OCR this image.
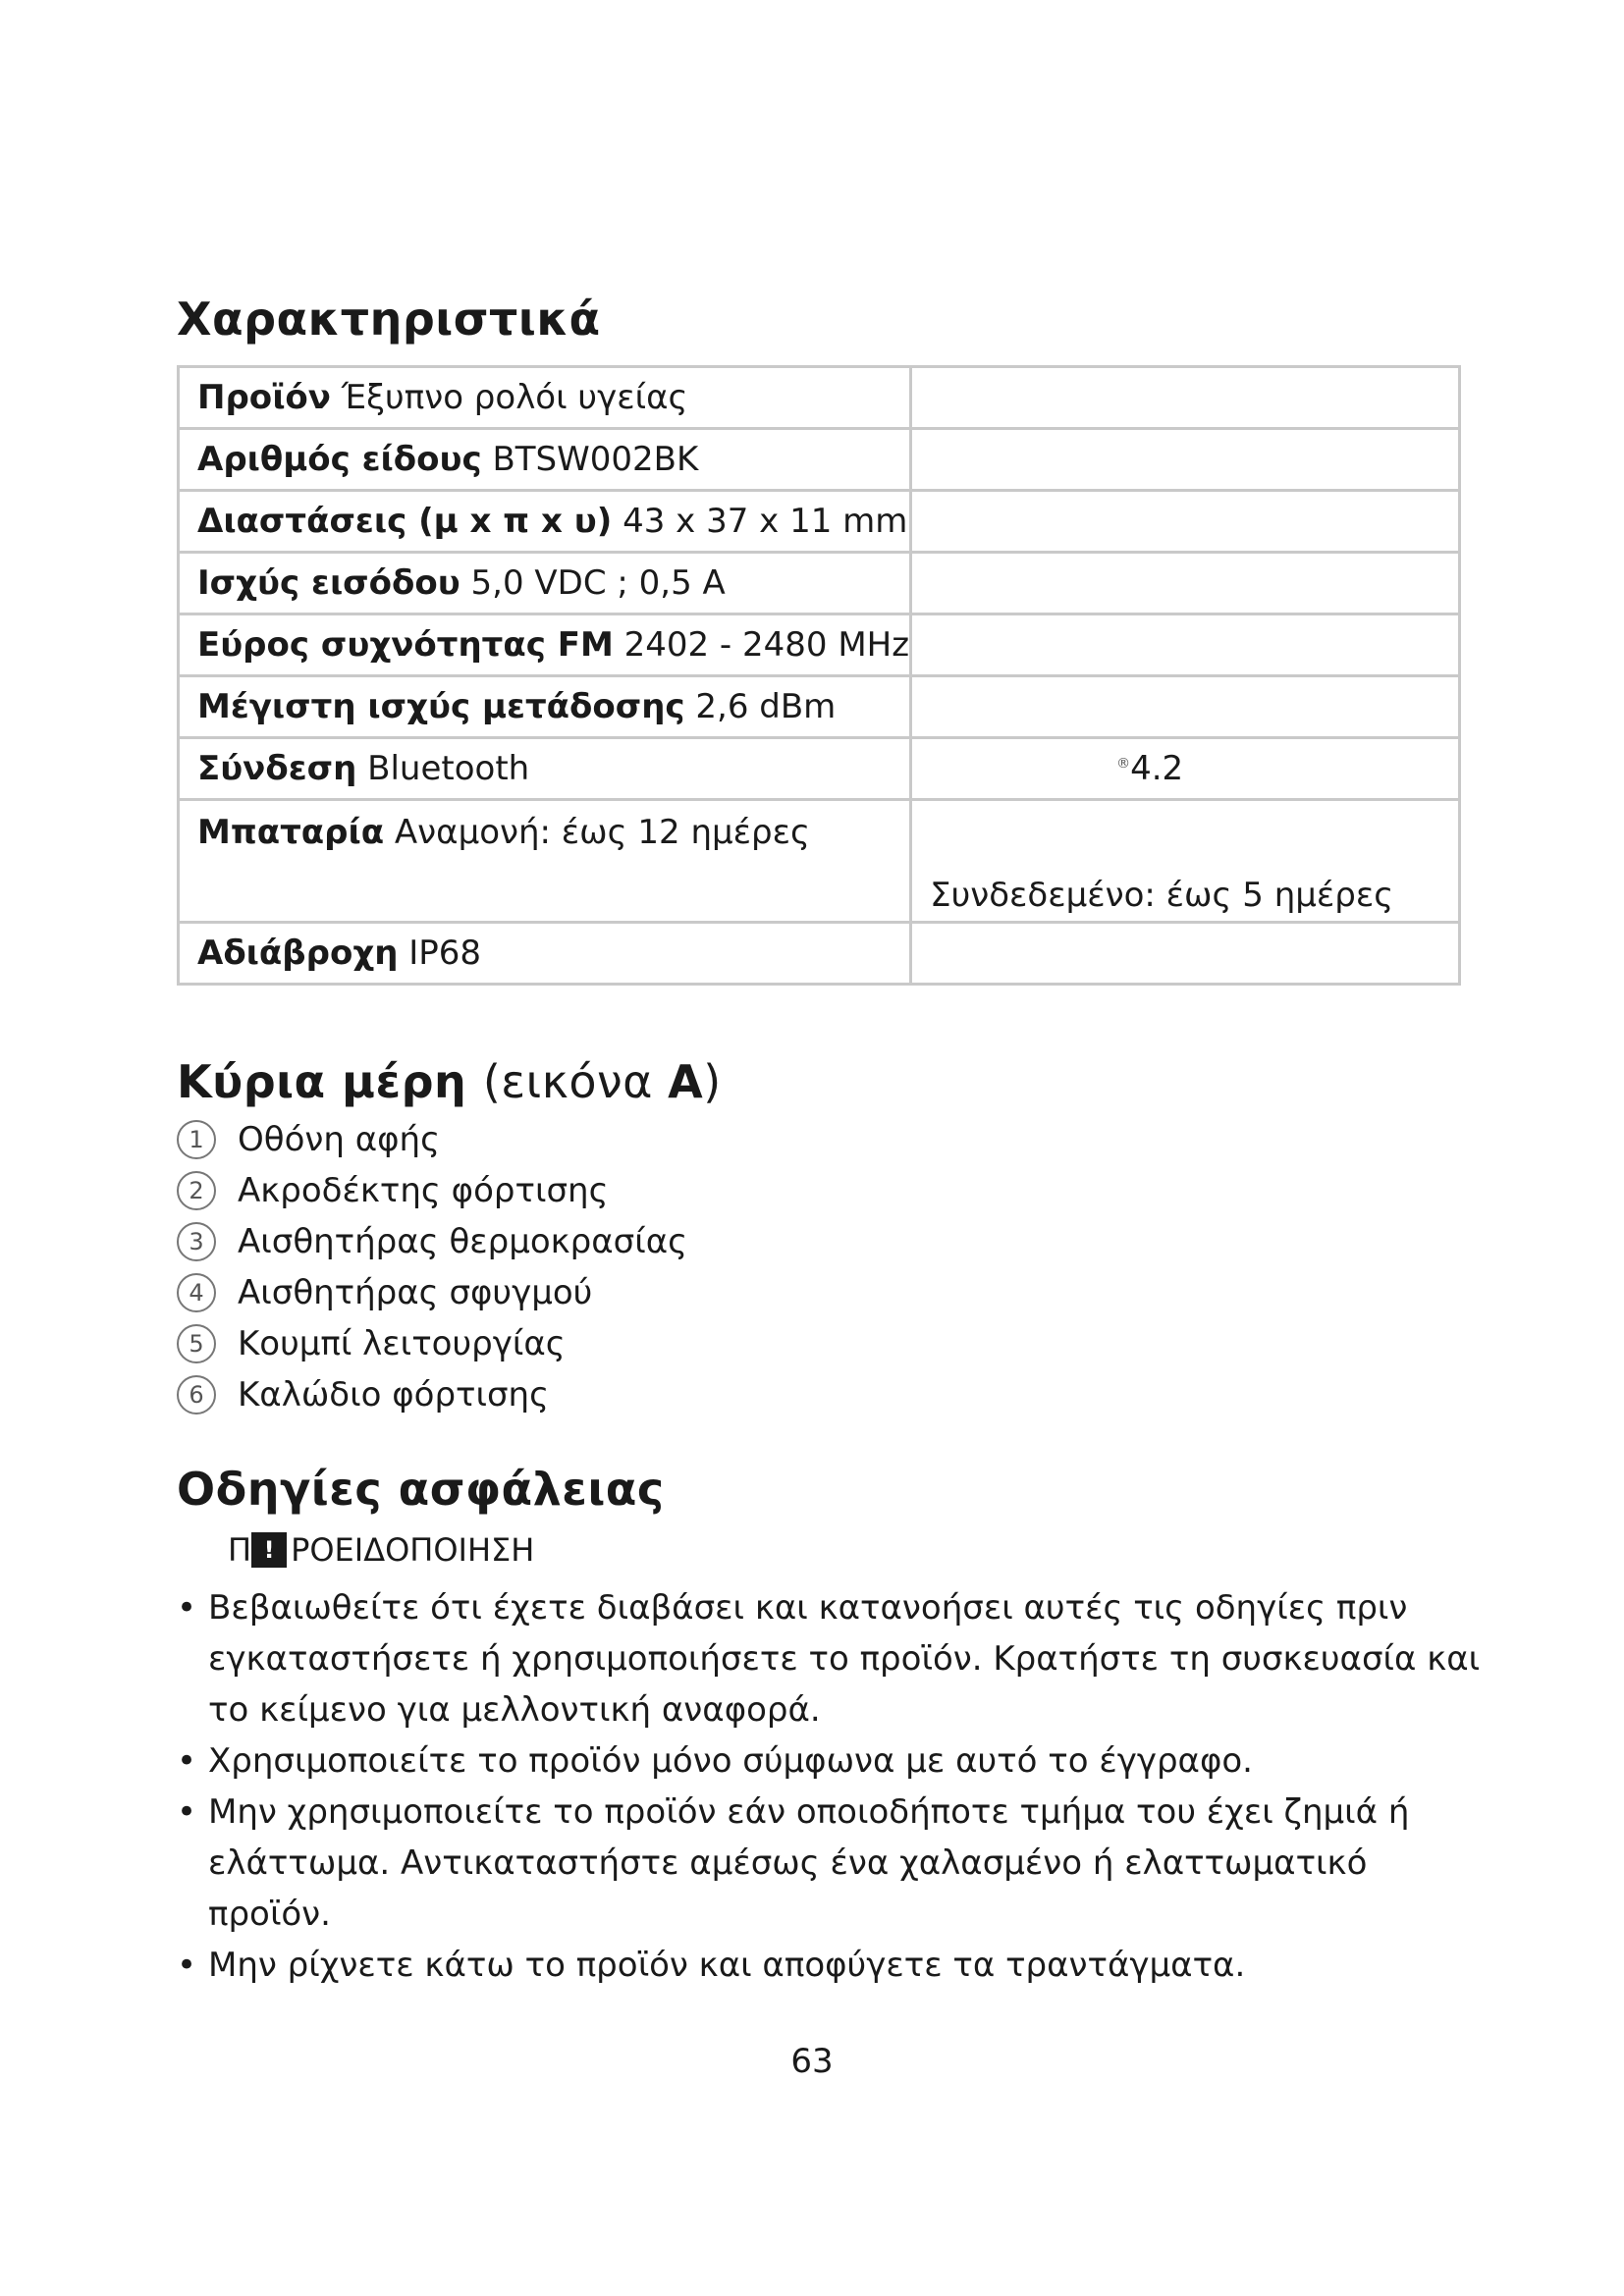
Χαρακτηριστικά
Προϊόν Έξυπνο ρολόι υγείας	
Αριθμός είδους BTSW002BK	
Διαστάσεις (μ x π x υ) 43 x 37 x 11 mm	
Ισχύς εισόδου 5,0 VDC ; 0,5 A	
Εύρος συχνότητας FM 2402 - 2480 MHz	
Μέγιστη ισχύς μετάδοσης 2,6 dBm	
Σύνδεση Bluetooth	®4.2
Μπαταρία Αναμονή: έως 12 ημέρες	Συνδεδεμένο: έως 5 ημέρες

Αδιάβροχη IP68	
Κύρια μέρη (εικόνα A)
1	Οθόνη αφής
2	Ακροδέκτης φόρτισης
3	Αισθητήρας θερμοκρασίας
4	Αισθητήρας σφυγμού
5	Κουμπί λειτουργίας
6	Καλώδιο φόρτισης
Οδηγίες ασφάλειας
Π ! ΡΟΕΙΔΟΠΟΙΗΣΗ
• Βεβαιωθείτε ότι έχετε διαβάσει και κατανοήσει αυτές τις οδηγίες πριν εγκαταστήσετε ή χρησιμοποιήσετε το προϊόν. Κρατήστε τη συσκευασία και το κείμενο για μελλοντική αναφορά.
• Χρησιμοποιείτε το προϊόν μόνο σύμφωνα με αυτό το έγγραφο.
• Μην χρησιμοποιείτε το προϊόν εάν οποιοδήποτε τμήμα του έχει ζημιά ή ελάττωμα. Αντικαταστήστε αμέσως ένα χαλασμένο ή ελαττωματικό προϊόν.
• Μην ρίχνετε κάτω το προϊόν και αποφύγετε τα τραντάγματα.
63
